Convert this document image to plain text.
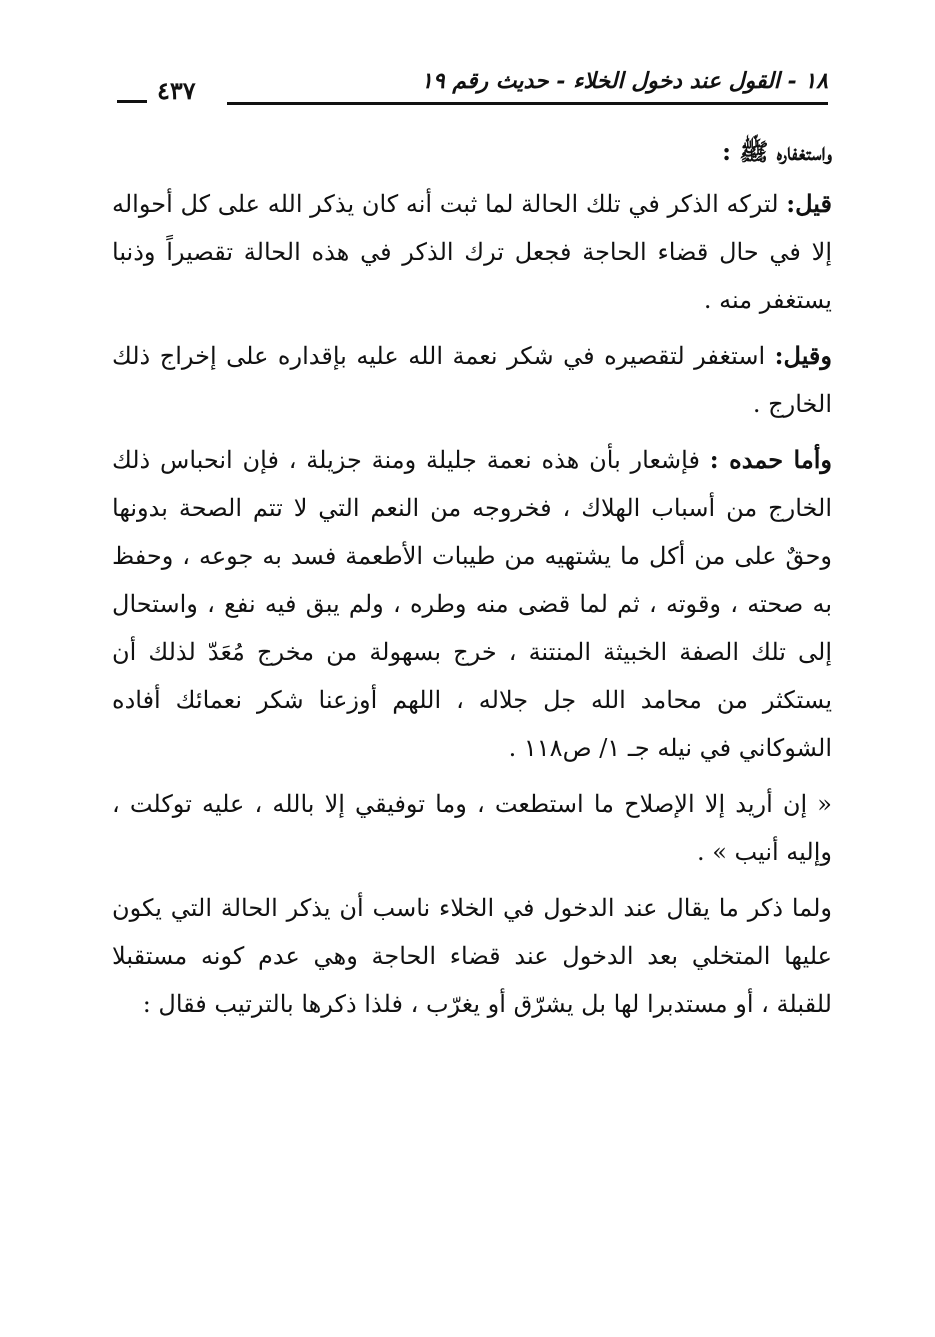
١٨ - القول عند دخول الخلاء - حديث رقم ١٩
٤٣٧

واستغفاره ﷺ :

قيل: لتركه الذكر في تلك الحالة لما ثبت أنه كان يذكر الله على كل أحواله إلا في حال قضاء الحاجة فجعل ترك الذكر في هذه الحالة تقصيراً وذنبا يستغفر منه .

وقيل: استغفر لتقصيره في شكر نعمة الله عليه بإقداره على إخراج ذلك الخارج .

وأما حمده : فإشعار بأن هذه نعمة جليلة ومنة جزيلة ، فإن انحباس ذلك الخارج من أسباب الهلاك ، فخروجه من النعم التي لا تتم الصحة بدونها وحقٌ على من أكل ما يشتهيه من طيبات الأطعمة فسد به جوعه ، وحفظ به صحته ، وقوته ، ثم لما قضى منه وطره ، ولم يبق فيه نفع ، واستحال إلى تلك الصفة الخبيثة المنتنة ، خرج بسهولة من مخرج مُعَدّ لذلك أن يستكثر من محامد الله جل جلاله ، اللهم أوزعنا شكر نعمائك أفاده الشوكاني في نيله جـ ١/ ص١١٨ .

« إن أريد إلا الإصلاح ما استطعت ، وما توفيقي إلا بالله ، عليه توكلت ، وإليه أنيب » .

ولما ذكر ما يقال عند الدخول في الخلاء ناسب أن يذكر الحالة التي يكون عليها المتخلي بعد الدخول عند قضاء الحاجة وهي عدم كونه مستقبلا للقبلة ، أو مستدبرا لها بل يشرّق أو يغرّب ، فلذا ذكرها بالترتيب فقال :
